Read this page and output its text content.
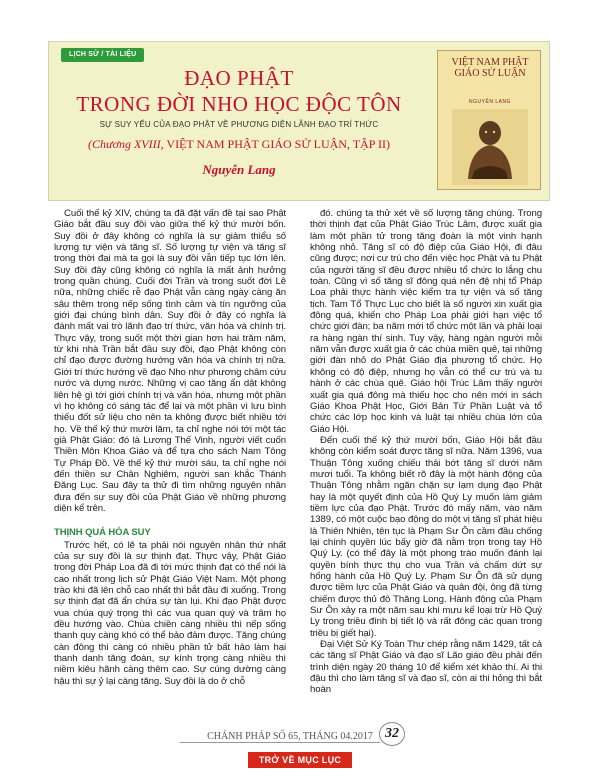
LỊCH SỬ / TÀI LIỆU
ĐẠO PHẬT
TRONG ĐỜI NHO HỌC ĐỘC TÔN
SỰ SUY YẾU CỦA ĐẠO PHẬT VỀ PHƯƠNG DIỆN LÃNH ĐẠO TRÍ THỨC
(Chương XVIII, VIỆT NAM PHẬT GIÁO SỬ LUẬN, TẬP II)
Nguyễn Lang
VIỆT NAM PHẬT GIÁO SỬ LUẬN
NGUYỄN LANG

Cuối thế kỷ XIV, chúng ta đã đặt vấn đề tại sao Phật Giáo bắt đầu suy đồi vào giữa thế kỷ thứ mười bốn. Suy đồi ở đây không có nghĩa là sự giảm thiểu số lượng tự viện và tăng sĩ. Số lượng tự viện và tăng sĩ trong thời đại mà ta gọi là suy đồi vẫn tiếp tục lớn lên. Suy đồi đây cũng không có nghĩa là mất ảnh hưởng trong quần chúng. Cuối đời Trần và trong suốt đời Lê nữa, những chiếc rễ đạo Phật vẫn càng ngày càng ăn sâu thêm trong nếp sống tình cảm và tín ngưỡng của giới đại chúng bình dân. Suy đồi ở đây có nghĩa là đánh mất vai trò lãnh đạo trí thức, văn hóa và chính trị. Thực vậy, trong suốt một thời gian hơn hai trăm năm, từ khi nhà Trần bắt đầu suy đồi, đạo Phật không còn chỉ đạo được đường hướng văn hóa và chính trị nữa. Giới trí thức hướng về đạo Nho như phương châm cứu nước và dựng nước. Những vị cao tăng ẩn dật không liên hệ gì tới giới chính trị và văn hóa, nhưng một phần vì họ không có sáng tác để lại và một phần vì lưu bình thiếu đốt sử liệu cho nên ta không được biết nhiều tới họ. Về thế kỷ thứ mười lăm, ta chỉ nghe nói tới một tác giả Phật Giáo: đó là Lương Thế Vinh, người viết cuốn Thiền Môn Khoa Giáo và để tựa cho sách Nam Tông Tự Pháp Đồ. Về thế kỷ thứ mười sáu, ta chỉ nghe nói đến thiền sư Chân Nghiêm, người san khắc Thánh Đăng Lục. Sau đây ta thử đi tìm những nguyên nhân đưa đến sự suy đồi của Phật Giáo về những phương diện kể trên.

THỊNH QUÁ HÓA SUY

Trước hết, có lẽ ta phải nói nguyên nhân thứ nhất của sự suy đồi là sự thịnh đạt. Thực vậy, Phật Giáo trong đời Pháp Loa đã đi tới mức thịnh đạt có thể nói là cao nhất trong lịch sử Phật Giáo Việt Nam. Một phong trào khi đã lên chỗ cao nhất thì bắt đầu đi xuống. Trong sự thịnh đạt đã ẩn chứa sự tàn lụi. Khi đạo Phật được vua chúa quý trọng thì các vua quan quý và trâm họ đều hướng vào. Chùa chiền càng nhiều thì nếp sống thanh quy càng khó có thể bảo đảm được. Tăng chúng càn đông thì càng có nhiều phần tử bất hảo làm hại thanh danh tăng đoàn, sự kính trọng càng nhiều thì niềm kiêu hãnh càng thêm cao. Sự cúng dường càng hậu thì sự ỷ lại càng tăng. Suy đồi là do ở chỗ

đó. chúng ta thử xét về số lượng tăng chúng. Trong thời thịnh đạt của Phật Giáo Trúc Lâm, được xuất gia làm một phần tử trong tăng đoàn là một vinh hạnh không nhỏ. Tăng sĩ có độ điệp của Giáo Hội, đi đâu cũng được; nơi cư trú cho đến việc học Phật và tu Phật của người tăng sĩ đều được nhiều tổ chức lo lắng chu toàn. Cũng vì số tăng sĩ đông quá nên đệ nhị tổ Pháp Loa phải thực hành việc kiểm tra tự viện và số tăng tịch. Tam Tổ Thực Lục cho biết là số người xin xuất gia đông quá, khiến cho Pháp Loa phải giới hạn việc tổ chức giới đàn; ba năm mới tổ chức một lần và phải loại ra hàng ngàn thí sinh. Tuy vậy, hàng ngàn người mỗi năm vẫn được xuất gia ở các chùa miền quê, tại những giới đàn nhỏ do Phật Giáo địa phương tổ chức. Họ không có độ điệp, nhưng họ vẫn có thể cư trú và tu hành ở các chùa quê. Giáo hội Trúc Lâm thấy người xuất gia quá đông mà thiếu học cho nên mới in sách Giáo Khoa Phật Học, Giới Bản Tứ Phần Luật và tổ chức các lớp học kinh và luật tại nhiều chùa lớn của Giáo Hội.

Đến cuối thế kỷ thứ mười bốn, Giáo Hội bắt đầu không còn kiểm soát được tăng sĩ nữa. Năm 1396, vua Thuận Tông xuống chiếu thải bớt tăng sĩ dưới năm mươi tuổi. Ta không biết rõ đây là một hành động của Thuận Tông nhằm ngăn chặn sự lạm dụng đạo Phật hay là một quyết định của Hồ Quý Ly muốn làm giảm tiềm lực của đạo Phật. Trước đó mấy năm, vào năm 1389, có một cuộc bạo động do một vị tăng sĩ phát hiệu là Thiên Nhiên, tên tục là Phạm Sư Ôn cầm đầu chống lại chính quyền lúc bấy giờ đã nằm trọn trong tay Hồ Quý Ly. (có thể đây là một phong trào muốn đánh lại quyền bính thực thụ cho vua Trần và chấm dứt sự hống hành của Hồ Quý Ly. Phạm Sư Ôn đã sử dụng được tiềm lực của Phật Giáo và quân đội, ông đã từng chiếm được thủ đô Thăng Long. Hành động của Phạm Sư Ôn xảy ra một năm sau khi mưu kế loại trừ Hồ Quý Ly trong triều đình bị tiết lộ và rất đông các quan trong triều bị giết hại).

Đại Việt Sử Ký Toàn Thư chép rằng năm 1429, tất cả các tăng sĩ Phật Giáo và đạo sĩ Lão giáo đều phải đến trình diện ngày 20 tháng 10 để kiểm xét khảo thí. Ai thi đậu thì cho làm tăng sĩ và đạo sĩ, còn ai thi hỏng thì bắt hoàn

CHÁNH PHÁP SỐ 65, THÁNG 04.2017 32
TRỞ VỀ MỤC LỤC
